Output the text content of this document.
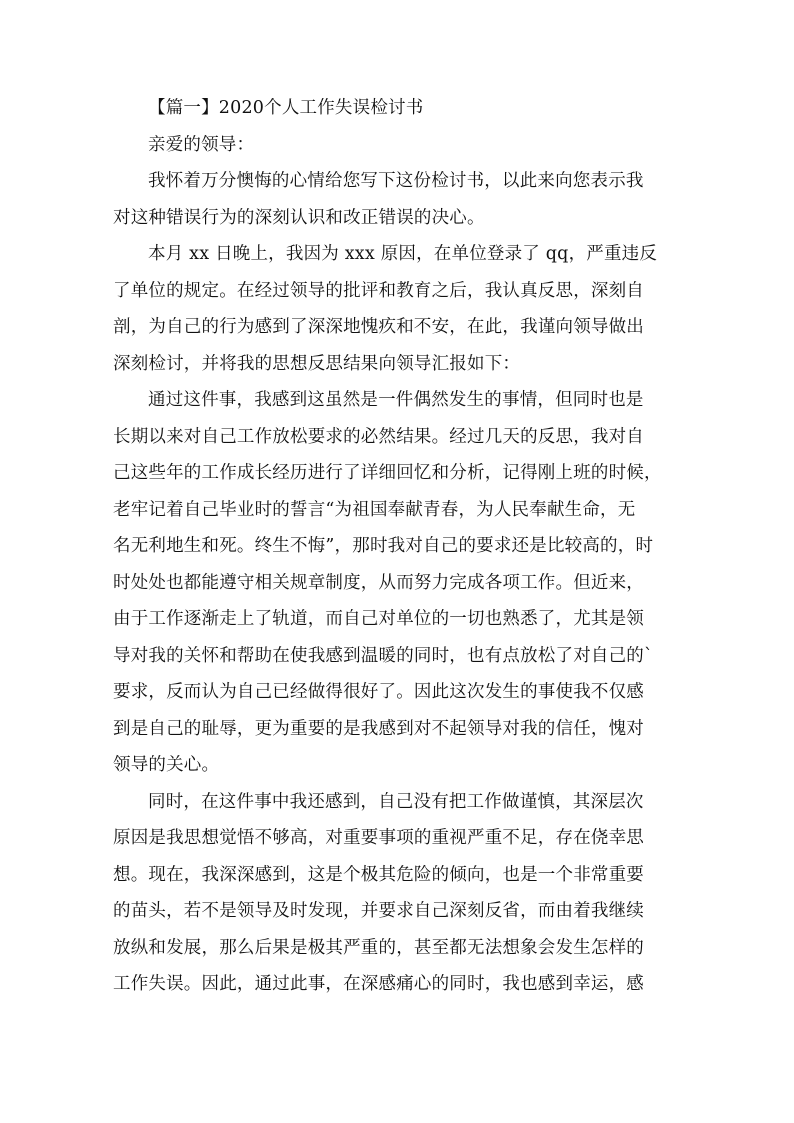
【篇一】2020个人工作失误检讨书
亲爱的领导：
我怀着万分懊悔的心情给您写下这份检讨书，以此来向您表示我
对这种错误行为的深刻认识和改正错误的决心。
本月 xx 日晚上，我因为 xxx 原因，在单位登录了 qq，严重违反
了单位的规定。在经过领导的批评和教育之后，我认真反思，深刻自
剖，为自己的行为感到了深深地愧疚和不安，在此，我谨向领导做出
深刻检讨，并将我的思想反思结果向领导汇报如下：
通过这件事，我感到这虽然是一件偶然发生的事情，但同时也是
长期以来对自己工作放松要求的必然结果。经过几天的反思，我对自
己这些年的工作成长经历进行了详细回忆和分析，记得刚上班的时候，
老牢记着自己毕业时的誓言“为祖国奉献青春，为人民奉献生命，无
名无利地生和死。终生不悔”，那时我对自己的要求还是比较高的，时
时处处也都能遵守相关规章制度，从而努力完成各项工作。但近来，
由于工作逐渐走上了轨道，而自己对单位的一切也熟悉了，尤其是领
导对我的关怀和帮助在使我感到温暖的同时，也有点放松了对自己的`
要求，反而认为自己已经做得很好了。因此这次发生的事使我不仅感
到是自己的耻辱，更为重要的是我感到对不起领导对我的信任，愧对
领导的关心。
同时，在这件事中我还感到，自己没有把工作做谨慎，其深层次
原因是我思想觉悟不够高，对重要事项的重视严重不足，存在侥幸思
想。现在，我深深感到，这是个极其危险的倾向，也是一个非常重要
的苗头，若不是领导及时发现，并要求自己深刻反省，而由着我继续
放纵和发展，那么后果是极其严重的，甚至都无法想象会发生怎样的
工作失误。因此，通过此事，在深感痛心的同时，我也感到幸运，感
